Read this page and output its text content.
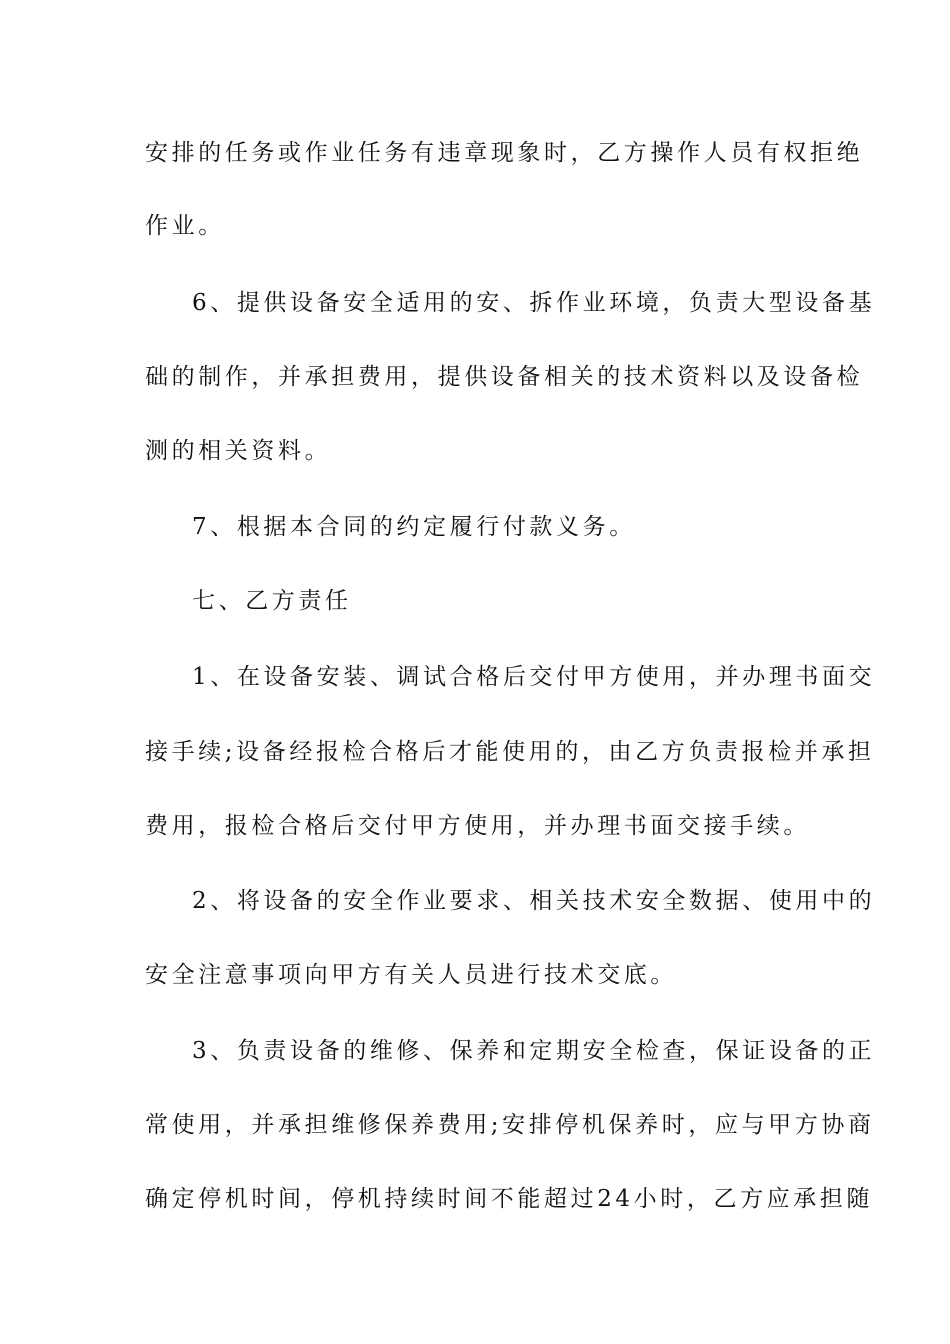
安排的任务或作业任务有违章现象时，乙方操作人员有权拒绝
作业。
6、提供设备安全适用的安、拆作业环境，负责大型设备基
础的制作，并承担费用，提供设备相关的技术资料以及设备检
测的相关资料。
7、根据本合同的约定履行付款义务。
七、乙方责任
1、在设备安装、调试合格后交付甲方使用，并办理书面交
接手续;设备经报检合格后才能使用的，由乙方负责报检并承担
费用，报检合格后交付甲方使用，并办理书面交接手续。
2、将设备的安全作业要求、相关技术安全数据、使用中的
安全注意事项向甲方有关人员进行技术交底。
3、负责设备的维修、保养和定期安全检查，保证设备的正
常使用，并承担维修保养费用;安排停机保养时，应与甲方协商
确定停机时间，停机持续时间不能超过24小时，乙方应承担随
